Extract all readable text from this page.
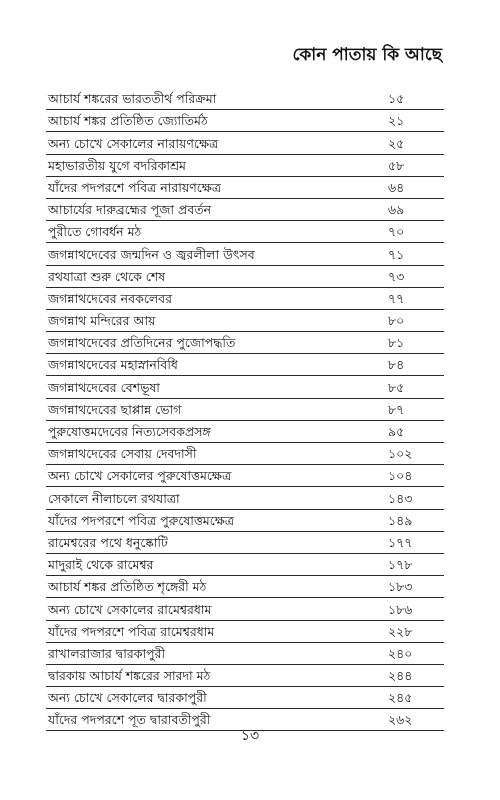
কোন পাতায় কি আছে
আচার্য শঙ্করের ভারততীর্থ পরিক্রমা	১৫
আচার্য শঙ্কর প্রতিষ্ঠিত জ্যোতির্মঠ	২১
অন্য চোখে সেকালের নারায়ণক্ষেত্র	২৫
মহাভারতীয় যুগে বদরিকাশ্রম	৫৮
যাঁদের পদপরশে পবিত্র নারায়ণক্ষেত্র	৬৪
আচার্যের দারুব্রহ্মের পূজা প্রবর্তন	৬৯
পুরীতে গোবর্ধন মঠ	৭০
জগন্নাথদেবের জন্মদিন ও জ্বরলীলা উৎসব	৭১
রথযাত্রা শুরু থেকে শেষ	৭৩
জগন্নাথদেবের নবকলেবর	৭৭
জগন্নাথ মন্দিরের আয়	৮০
জগন্নাথদেবের প্রতিদিনের পুজোপদ্ধতি	৮১
জগন্নাথদেবের মহাস্নানবিধি	৮৪
জগন্নাথদেবের বেশভূষা	৮৫
জগন্নাথদেবের ছাপ্পান্ন ভোগ	৮৭
পুরুষোত্তমদেবের নিত্যসেবকপ্রসঙ্গ	৯৫
জগন্নাথদেবের সেবায় দেবদাসী	১০২
অন্য চোখে সেকালের পুরুষোত্তমক্ষেত্র	১০৪
সেকালে নীলাচলে রথযাত্রা	১৪৩
যাঁদের পদপরশে পবিত্র পুরুষোত্তমক্ষেত্র	১৪৯
রামেশ্বরের পথে ধনুষ্কোটি	১৭৭
মাদুরাই থেকে রামেশ্বর	১৭৮
আচার্য শঙ্কর প্রতিষ্ঠিত শৃঙ্গেরী মঠ	১৮৩
অন্য চোখে সেকালের রামেশ্বরধাম	১৮৬
যাঁদের পদপরশে পবিত্র রামেশ্বরধাম	২২৮
রাখালরাজার দ্বারকাপুরী	২৪০
দ্বারকায় আচার্য শঙ্করের সারদা মঠ	২৪৪
অন্য চোখে সেকালের দ্বারকাপুরী	২৪৫
যাঁদের পদপরশে পূত দ্বারাবতীপুরী	২৬২
১৩
